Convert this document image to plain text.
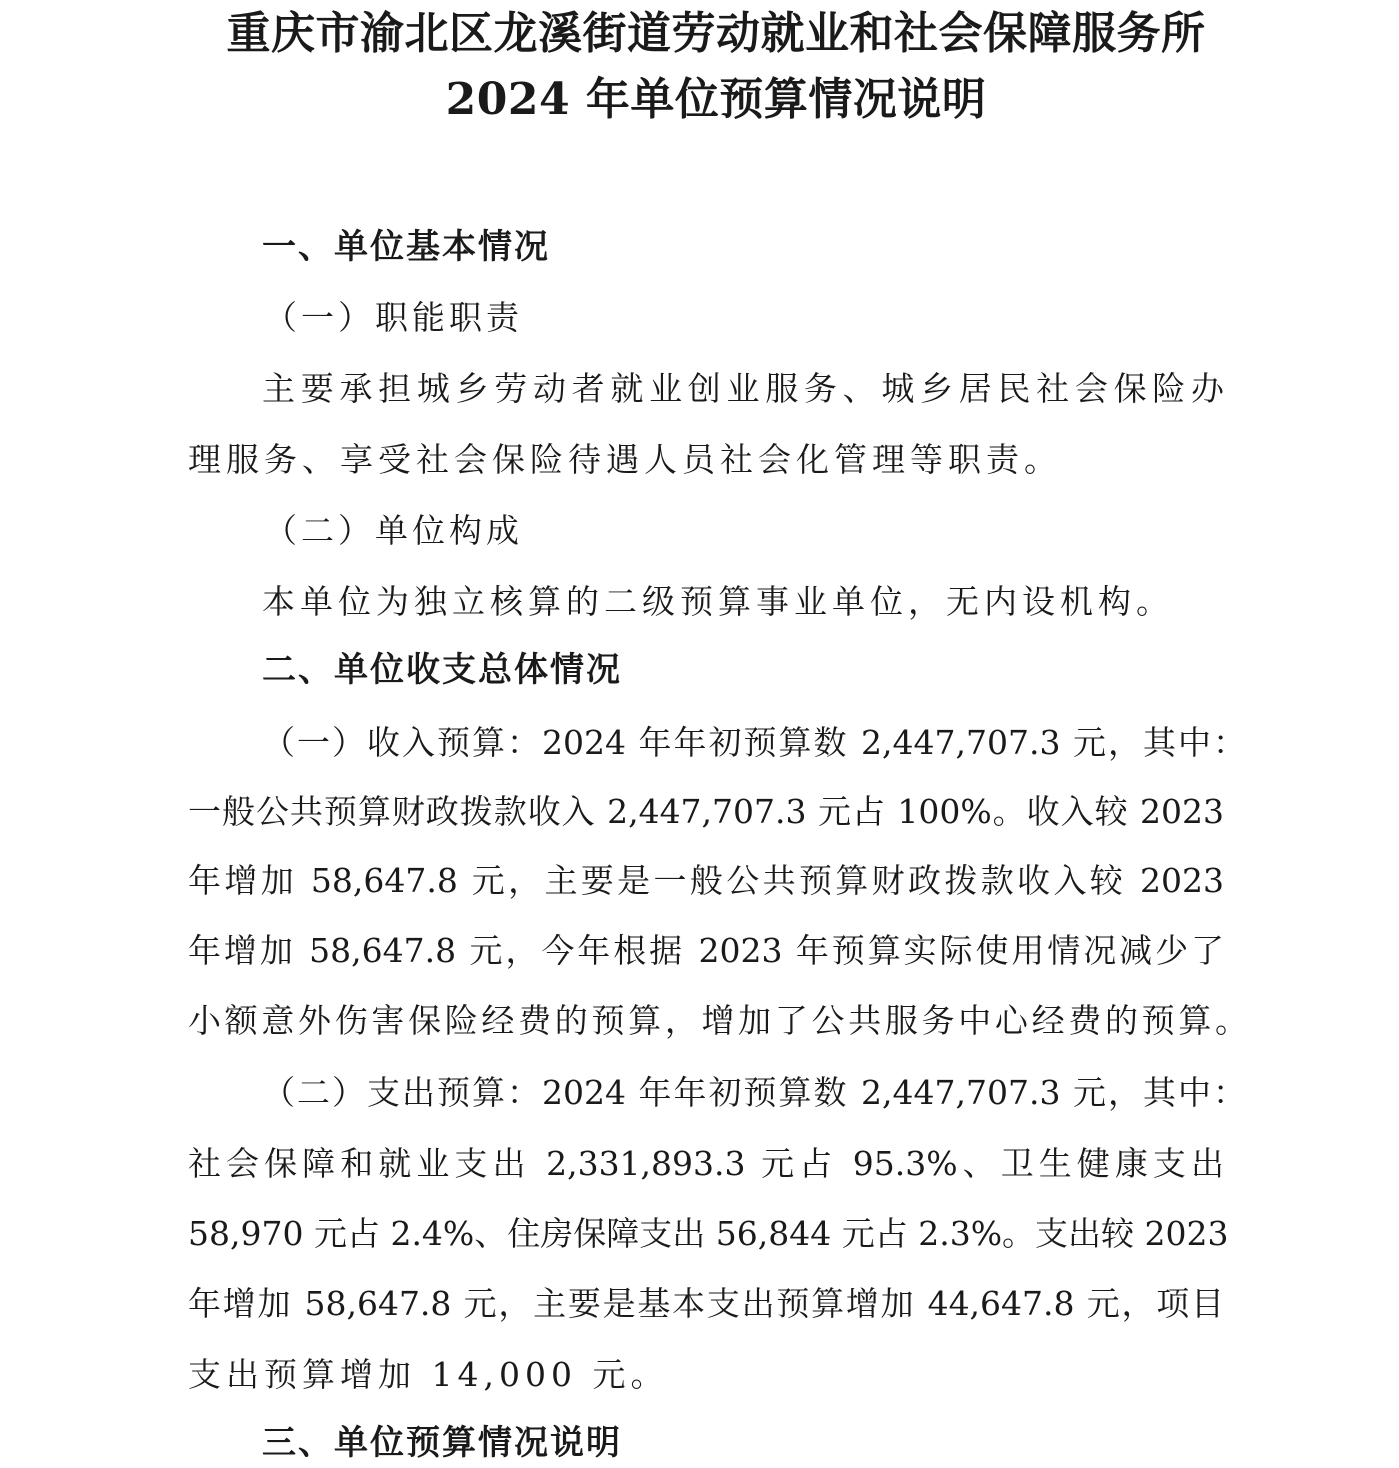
重庆市渝北区龙溪街道劳动就业和社会保障服务所
2024 年单位预算情况说明
一、单位基本情况
（一）职能职责
主要承担城乡劳动者就业创业服务、城乡居民社会保险办
理服务、享受社会保险待遇人员社会化管理等职责。
（二）单位构成
本单位为独立核算的二级预算事业单位，无内设机构。
二、单位收支总体情况
（一）收入预算：2024 年年初预算数 2,447,707.3 元，其中：
一般公共预算财政拨款收入 2,447,707.3 元占 100%。收入较 2023
年增加 58,647.8 元，主要是一般公共预算财政拨款收入较 2023
年增加 58,647.8 元，今年根据 2023 年预算实际使用情况减少了
小额意外伤害保险经费的预算，增加了公共服务中心经费的预算。
（二）支出预算：2024 年年初预算数 2,447,707.3 元，其中：
社会保障和就业支出 2,331,893.3 元占 95.3%、卫生健康支出
58,970 元占 2.4%、住房保障支出 56,844 元占 2.3%。支出较 2023
年增加 58,647.8 元，主要是基本支出预算增加 44,647.8 元，项目
支出预算增加 14,000 元。
三、单位预算情况说明
